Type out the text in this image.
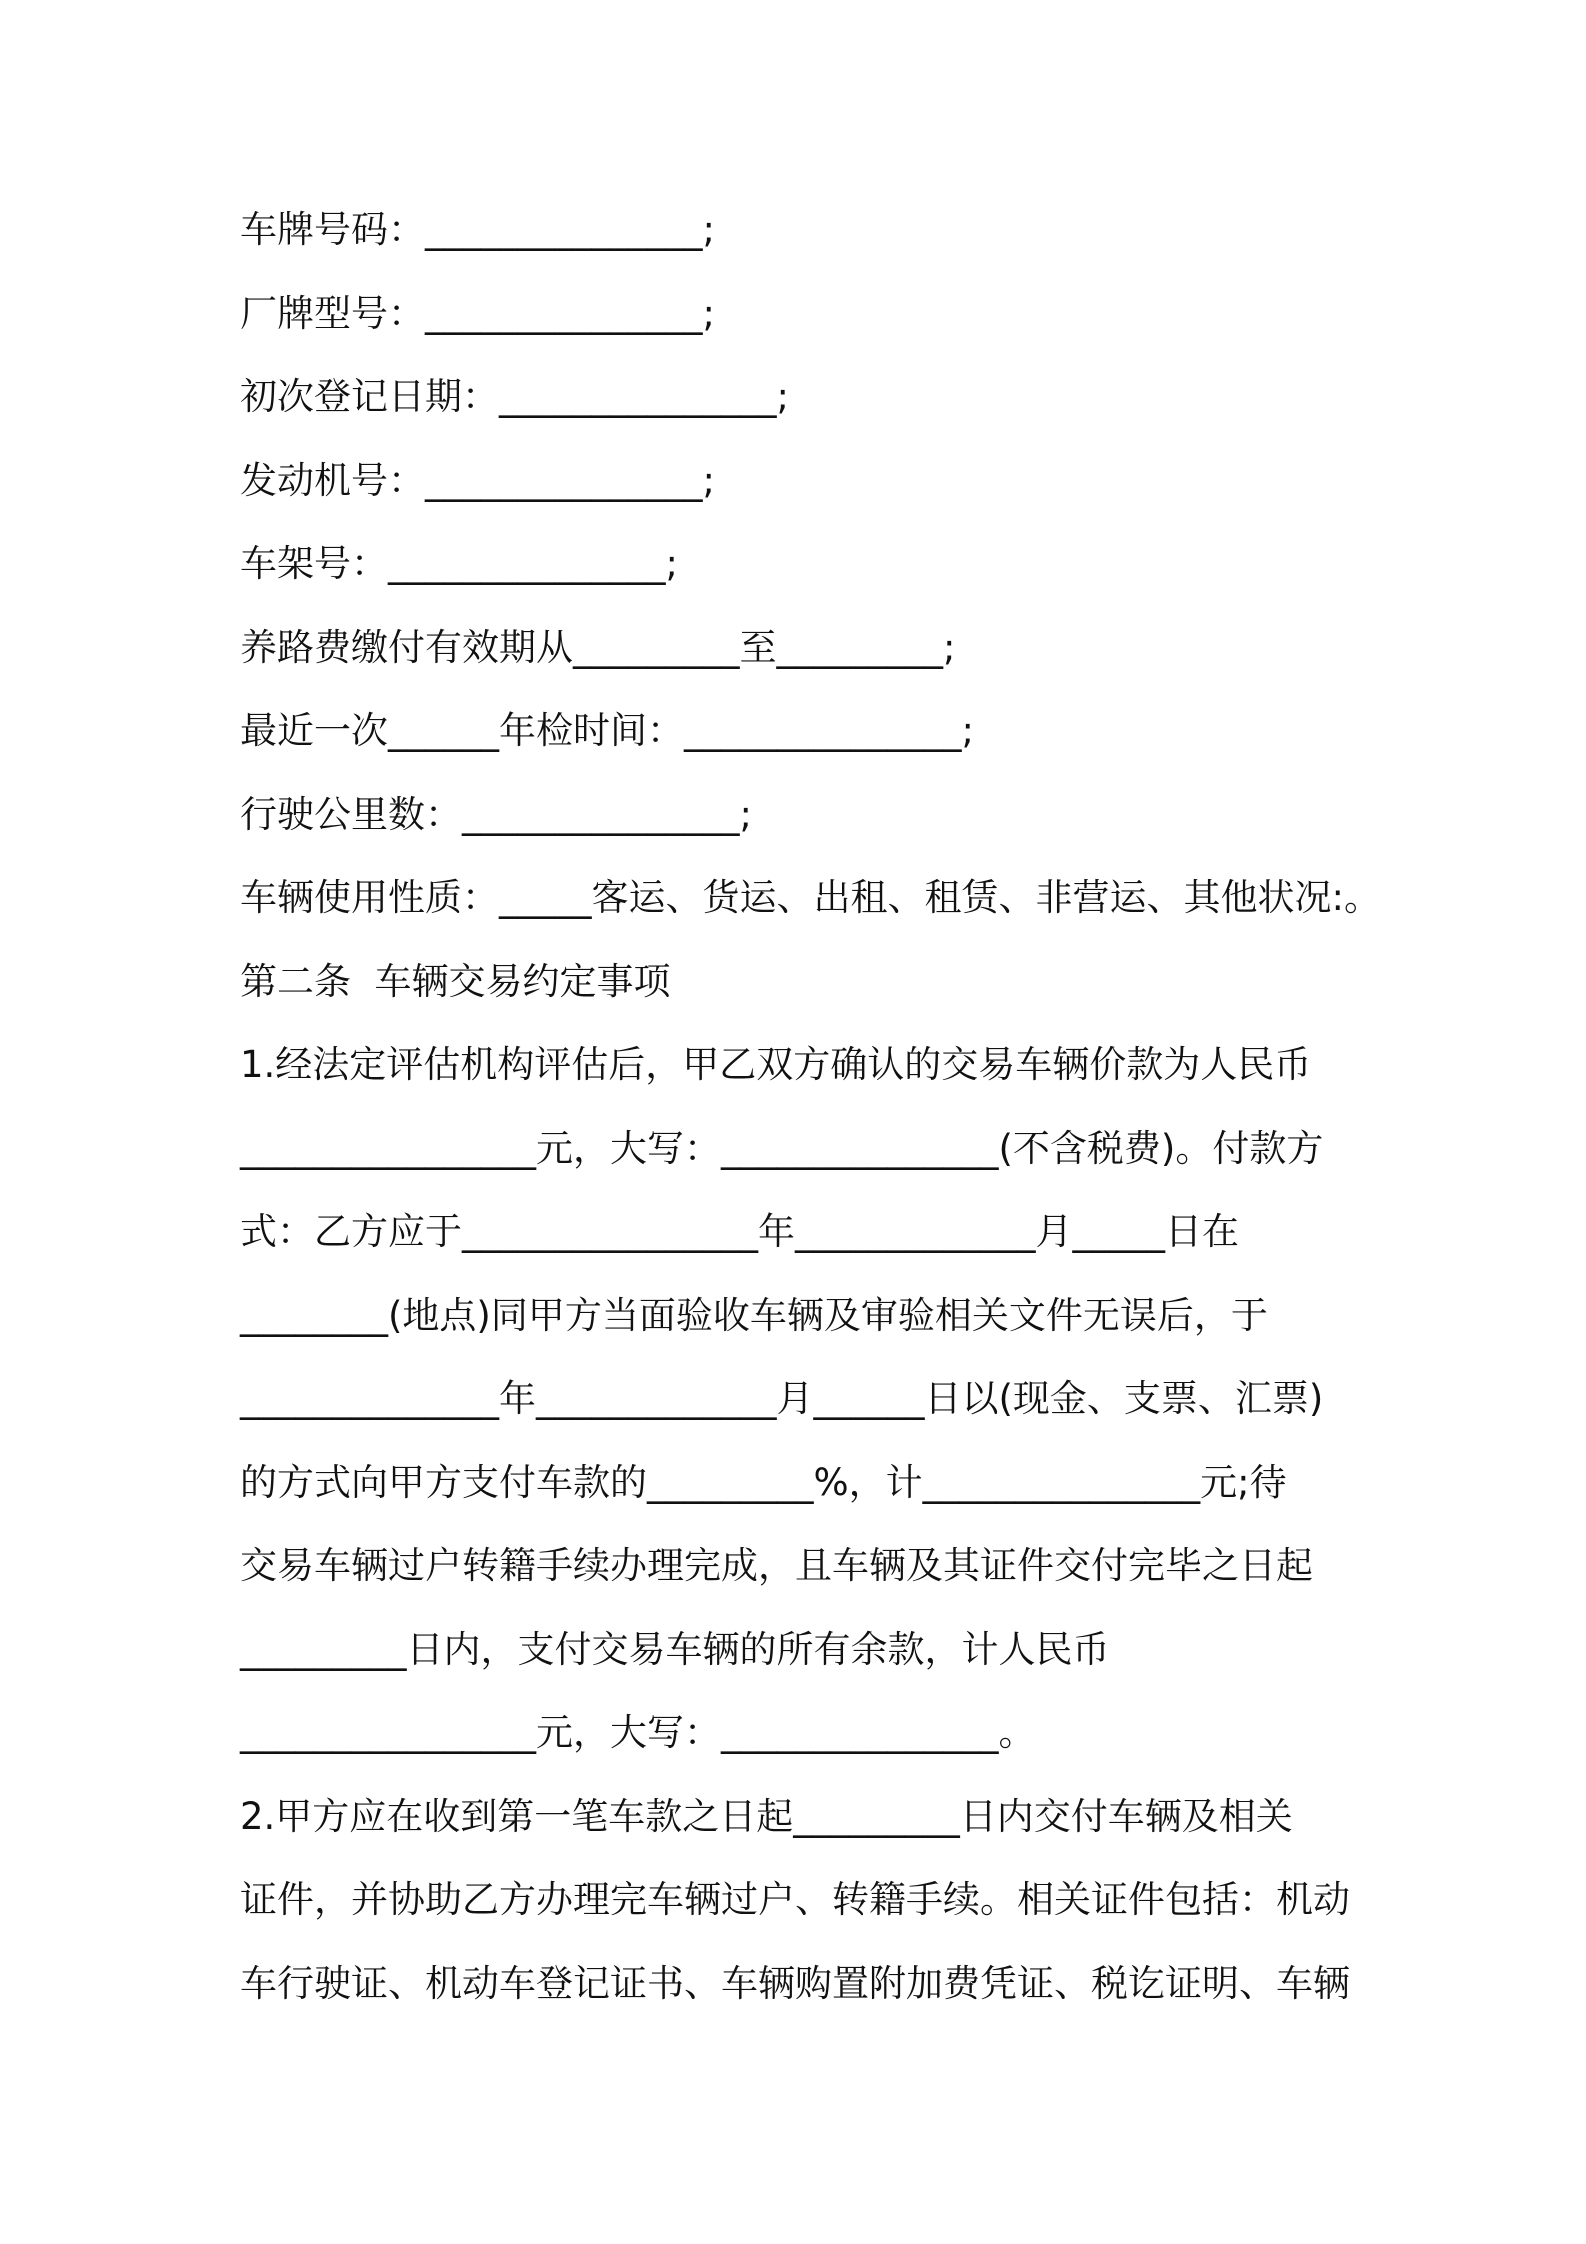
车牌号码：_______________;
厂牌型号：_______________;
初次登记日期：_______________;
发动机号：_______________;
车架号：_______________;
养路费缴付有效期从_________至_________;
最近一次______年检时间：_______________;
行驶公里数：_______________;
车辆使用性质：_____客运、货运、出租、租赁、非营运、其他状况:。
第二条  车辆交易约定事项
1.经法定评估机构评估后，甲乙双方确认的交易车辆价款为人民币
________________元，大写：_______________(不含税费)。付款方
式：乙方应于________________年_____________月_____日在
________(地点)同甲方当面验收车辆及审验相关文件无误后，于
______________年_____________月______日以(现金、支票、汇票)
的方式向甲方支付车款的_________%，计_______________元;待
交易车辆过户转籍手续办理完成，且车辆及其证件交付完毕之日起
_________日内，支付交易车辆的所有余款，计人民币
________________元，大写：_______________。
2.甲方应在收到第一笔车款之日起_________日内交付车辆及相关
证件，并协助乙方办理完车辆过户、转籍手续。相关证件包括：机动
车行驶证、机动车登记证书、车辆购置附加费凭证、税讫证明、车辆
